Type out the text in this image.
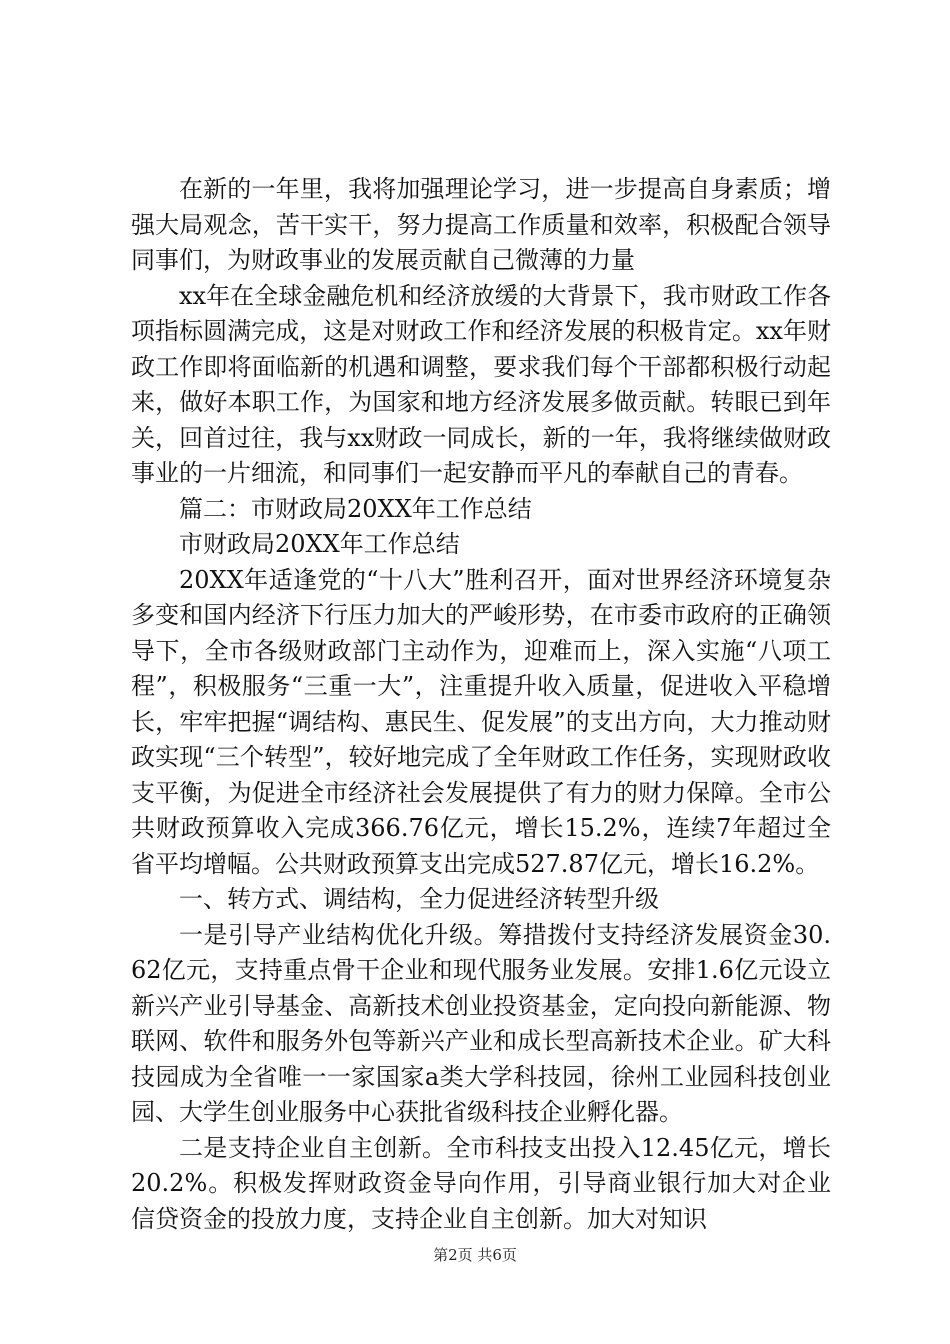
在新的一年里，我将加强理论学习，进一步提高自身素质；增强大局观念，苦干实干，努力提高工作质量和效率，积极配合领导同事们，为财政事业的发展贡献自己微薄的力量

xx年在全球金融危机和经济放缓的大背景下，我市财政工作各项指标圆满完成，这是对财政工作和经济发展的积极肯定。xx年财政工作即将面临新的机遇和调整，要求我们每个干部都积极行动起来，做好本职工作，为国家和地方经济发展多做贡献。转眼已到年关，回首过往，我与xx财政一同成长，新的一年，我将继续做财政事业的一片细流，和同事们一起安静而平凡的奉献自己的青春。

篇二：市财政局20XX年工作总结

市财政局20XX年工作总结

20XX年适逢党的“十八大”胜利召开，面对世界经济环境复杂多变和国内经济下行压力加大的严峻形势，在市委市政府的正确领导下，全市各级财政部门主动作为，迎难而上，深入实施“八项工程”，积极服务“三重一大”，注重提升收入质量，促进收入平稳增长，牢牢把握“调结构、惠民生、促发展”的支出方向，大力推动财政实现“三个转型”，较好地完成了全年财政工作任务，实现财政收支平衡，为促进全市经济社会发展提供了有力的财力保障。全市公共财政预算收入完成366.76亿元，增长15.2%，连续7年超过全省平均增幅。公共财政预算支出完成527.87亿元，增长16.2%。

一、转方式、调结构，全力促进经济转型升级

一是引导产业结构优化升级。筹措拨付支持经济发展资金30.62亿元，支持重点骨干企业和现代服务业发展。安排1.6亿元设立新兴产业引导基金、高新技术创业投资基金，定向投向新能源、物联网、软件和服务外包等新兴产业和成长型高新技术企业。矿大科技园成为全省唯一一家国家a类大学科技园，徐州工业园科技创业园、大学生创业服务中心获批省级科技企业孵化器。

二是支持企业自主创新。全市科技支出投入12.45亿元，增长20.2%。积极发挥财政资金导向作用，引导商业银行加大对企业信贷资金的投放力度，支持企业自主创新。加大对知识

第2页 共6页
